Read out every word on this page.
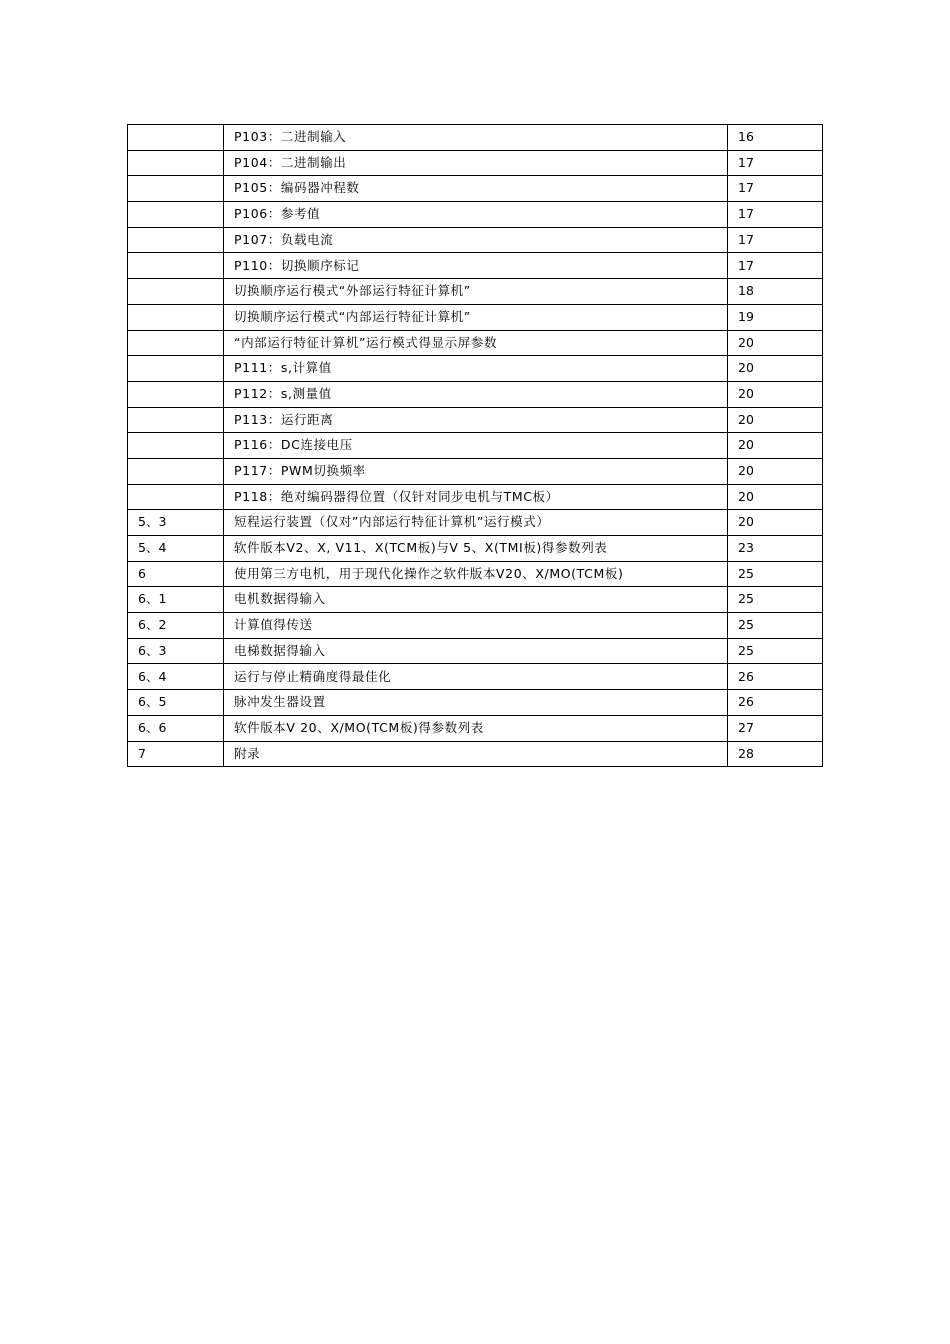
	P103：二进制输入	16
	P104：二进制输出	17
	P105：编码器冲程数	17
	P106：参考值	17
	P107：负载电流	17
	P110：切换顺序标记	17
	切换顺序运行模式“外部运行特征计算机”	18
	切换顺序运行模式“内部运行特征计算机”	19
	“内部运行特征计算机”运行模式得显示屏参数	20
	P111：s,计算值	20
	P112：s,测量值	20
	P113：运行距离	20
	P116：DC连接电压	20
	P117：PWM切换频率	20
	P118：绝对编码器得位置（仅针对同步电机与TMC板）	20
5、3	短程运行装置（仅对”内部运行特征计算机”运行模式）	20
5、4	软件版本V2、X, V11、X(TCM板)与V 5、X(TMI板)得参数列表	23
6	使用第三方电机，用于现代化操作之软件版本V20、X/MO(TCM板)	25
6、1	电机数据得输入	25
6、2	计算值得传送	25
6、3	电梯数据得输入	25
6、4	运行与停止精确度得最佳化	26
6、5	脉冲发生器设置	26
6、6	软件版本V 20、X/MO(TCM板)得参数列表	27
7	附录	28
